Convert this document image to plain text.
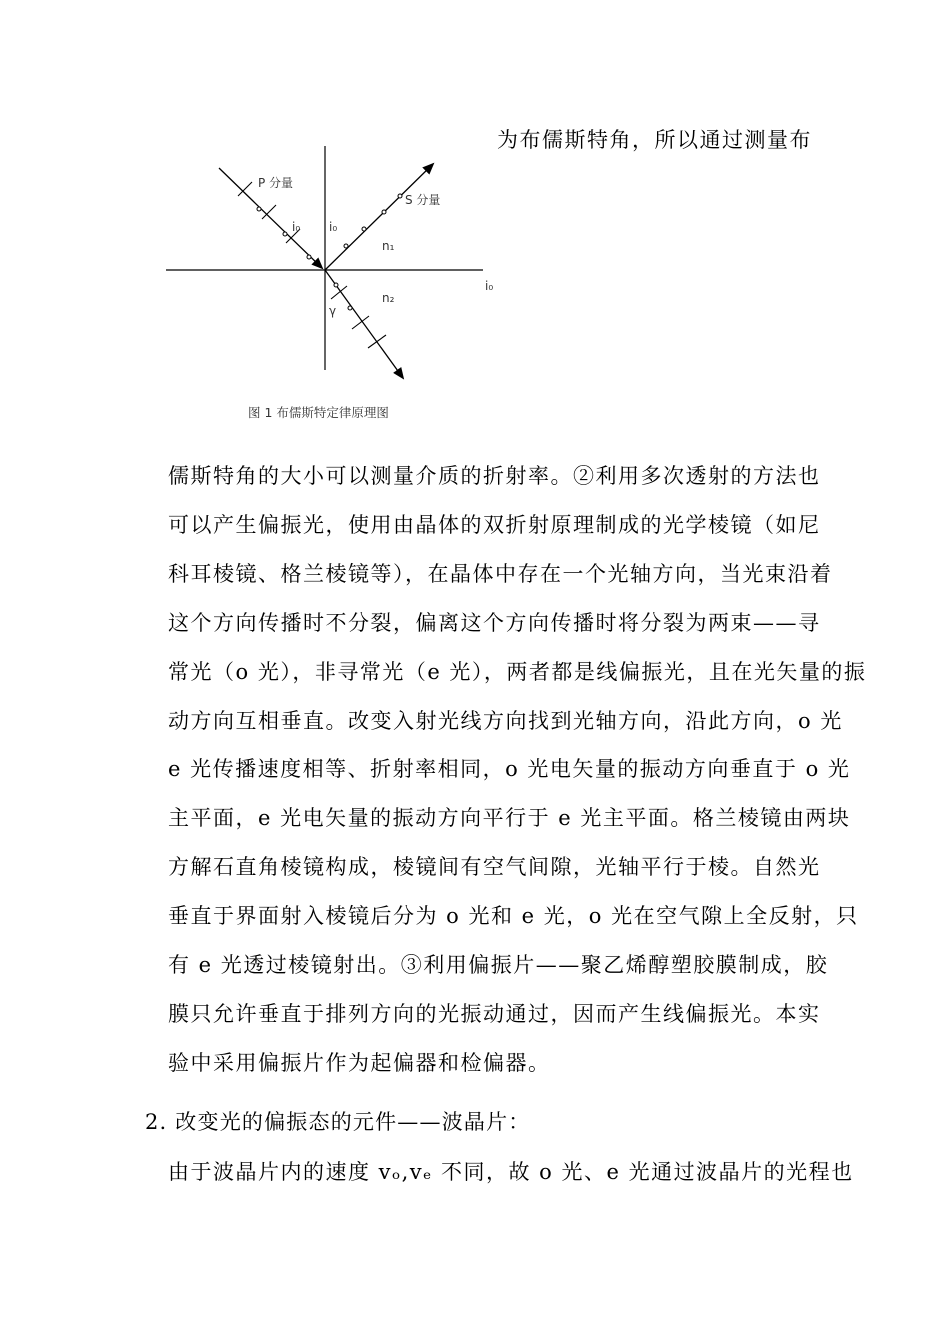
为布儒斯特角，所以通过测量布
P 分量
S 分量
i₀ i₀
n₁
i₀
n₂
γ
图 1 布儒斯特定律原理图
儒斯特角的大小可以测量介质的折射率。②利用多次透射的方法也
可以产生偏振光，使用由晶体的双折射原理制成的光学棱镜（如尼
科耳棱镜、格兰棱镜等），在晶体中存在一个光轴方向，当光束沿着
这个方向传播时不分裂，偏离这个方向传播时将分裂为两束——寻
常光（o 光），非寻常光（e 光），两者都是线偏振光，且在光矢量的振
动方向互相垂直。改变入射光线方向找到光轴方向，沿此方向，o 光
e 光传播速度相等、折射率相同，o 光电矢量的振动方向垂直于 o 光
主平面，e 光电矢量的振动方向平行于 e 光主平面。格兰棱镜由两块
方解石直角棱镜构成，棱镜间有空气间隙，光轴平行于棱。自然光
垂直于界面射入棱镜后分为 o 光和 e 光，o 光在空气隙上全反射，只
有 e 光透过棱镜射出。③利用偏振片——聚乙烯醇塑胶膜制成，胶
膜只允许垂直于排列方向的光振动通过，因而产生线偏振光。本实
验中采用偏振片作为起偏器和检偏器。
2. 改变光的偏振态的元件——波晶片：
由于波晶片内的速度 vₒ,vₑ 不同，故 o 光、e 光通过波晶片的光程也
